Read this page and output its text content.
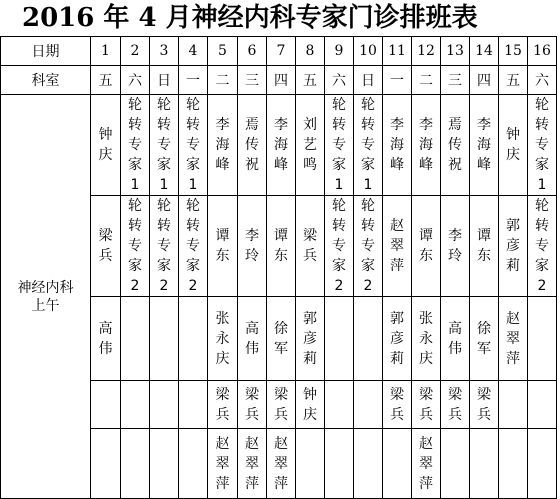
2016 年 4 月神经内科专家门诊排班表
日期	1	2	3	4	5	6	7	8	9	10	11	12	13	14	15	16
科室	五	六	日	一	二	三	四	五	六	日	一	二	三	四	五	六
神经内科上午	钟庆	轮转专家1	轮转专家1	轮转专家1	李海峰	焉传祝	李海峰	刘艺鸣	轮转专家1	轮转专家1	李海峰	李海峰	焉传祝	李海峰	钟庆	轮转专家1
	梁兵	轮转专家2	轮转专家2	轮转专家2	谭东	李玲	谭东	梁兵	轮转专家2	轮转专家2	赵翠萍	谭东	李玲	谭东	郭彦莉	轮转专家2
	高伟				张永庆	高伟	徐军	郭彦莉			郭彦莉	张永庆	高伟	徐军	赵翠萍	
					梁兵	梁兵	梁兵	钟庆			梁兵	梁兵	梁兵	梁兵		
					赵翠萍	赵翠萍	赵翠萍					赵翠萍				
